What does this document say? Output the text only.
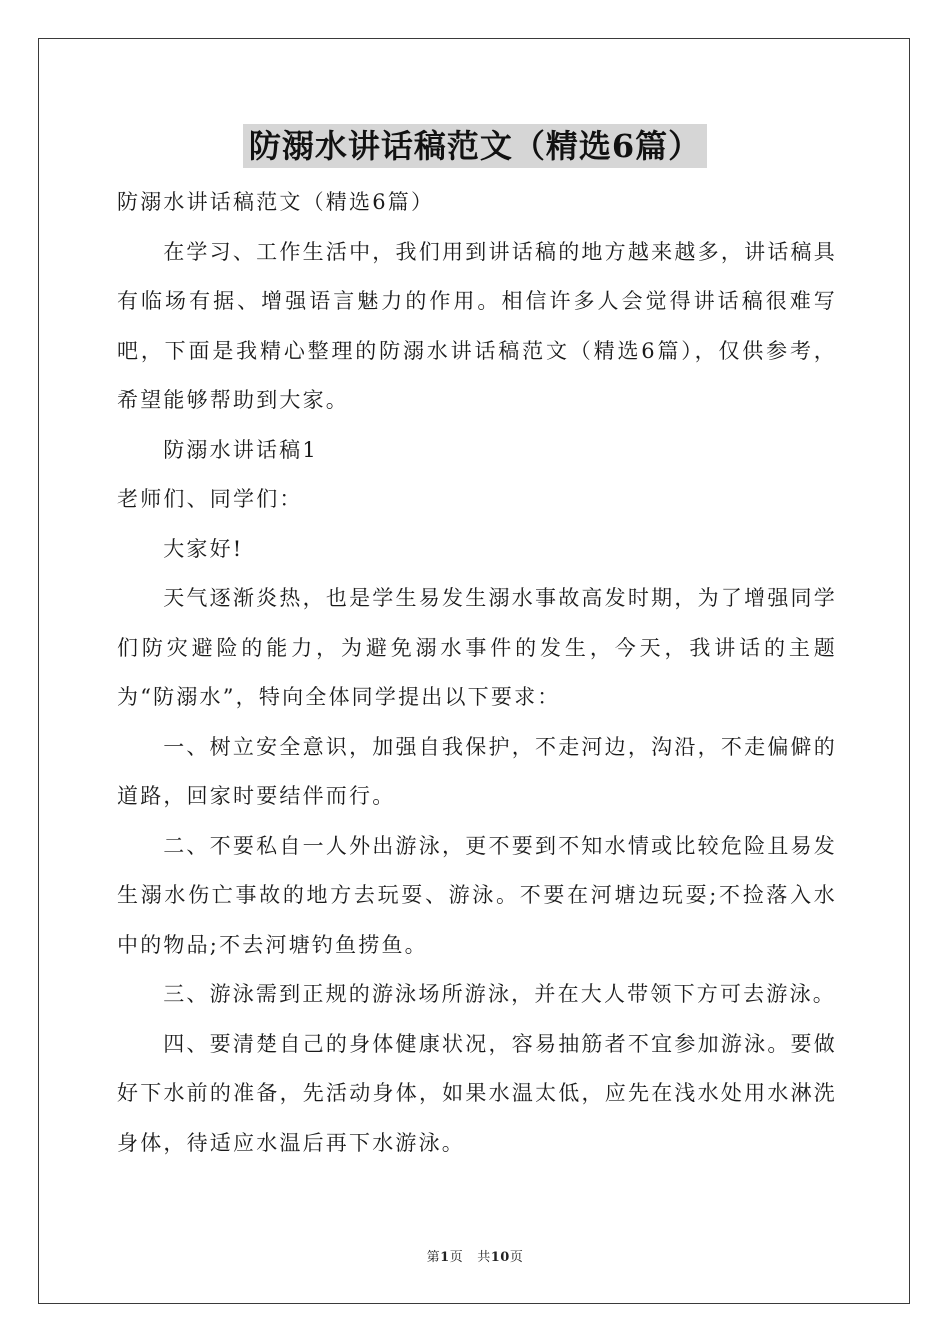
防溺水讲话稿范文（精选6篇）

防溺水讲话稿范文（精选6篇）

在学习、工作生活中，我们用到讲话稿的地方越来越多，讲话稿具有临场有据、增强语言魅力的作用。相信许多人会觉得讲话稿很难写吧，下面是我精心整理的防溺水讲话稿范文（精选6篇），仅供参考，希望能够帮助到大家。

防溺水讲话稿1

老师们、同学们：

大家好!

天气逐渐炎热，也是学生易发生溺水事故高发时期，为了增强同学们防灾避险的能力，为避免溺水事件的发生，今天，我讲话的主题为“防溺水”，特向全体同学提出以下要求：

一、树立安全意识，加强自我保护，不走河边，沟沿，不走偏僻的道路，回家时要结伴而行。

二、不要私自一人外出游泳，更不要到不知水情或比较危险且易发生溺水伤亡事故的地方去玩耍、游泳。不要在河塘边玩耍;不捡落入水中的物品;不去河塘钓鱼捞鱼。

三、游泳需到正规的游泳场所游泳，并在大人带领下方可去游泳。

四、要清楚自己的身体健康状况，容易抽筋者不宜参加游泳。要做好下水前的准备，先活动身体，如果水温太低，应先在浅水处用水淋洗身体，待适应水温后再下水游泳。

第1页 共10页
